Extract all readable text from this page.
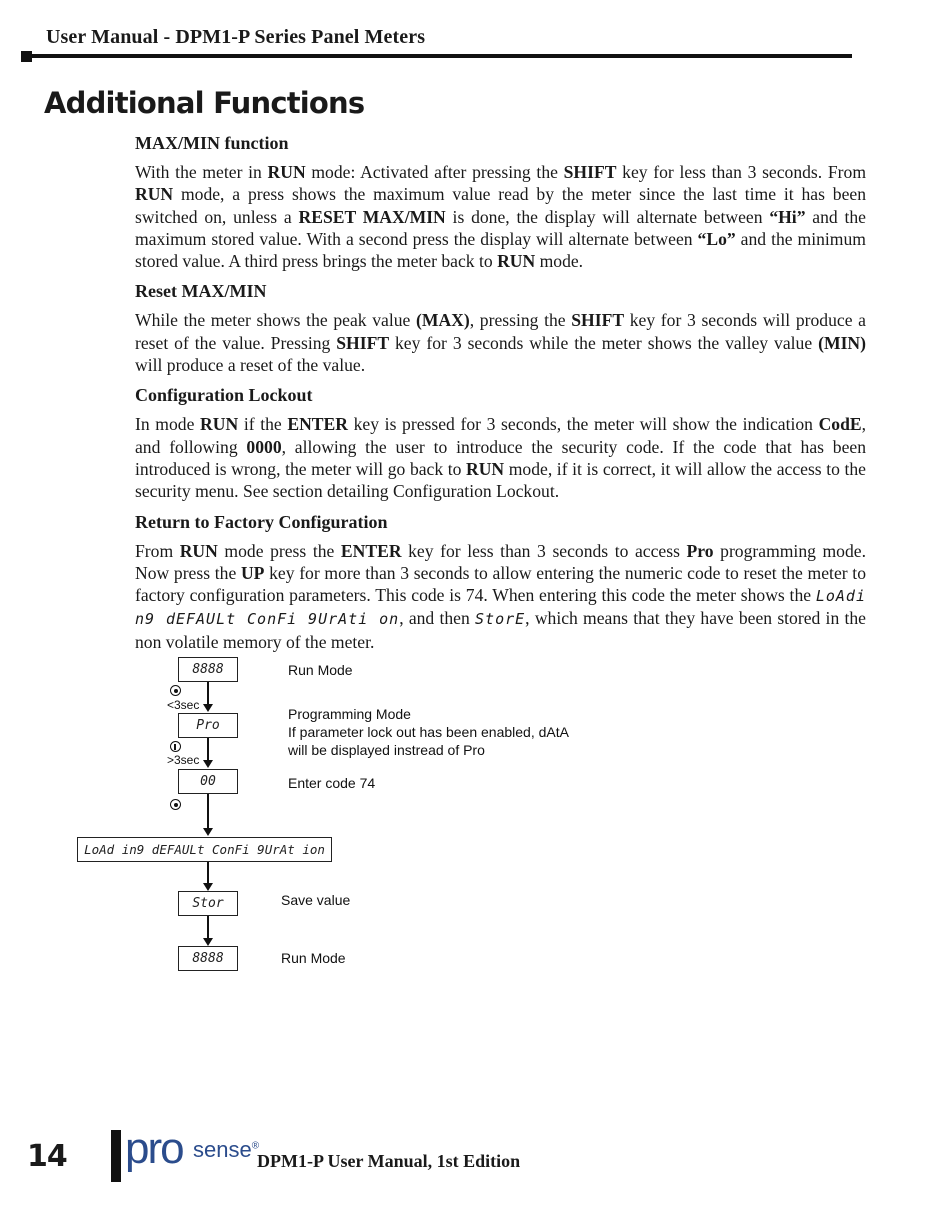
User Manual - DPM1-P Series Panel Meters
Additional Functions
MAX/MIN function

With the meter in RUN mode: Activated after pressing the SHIFT key for less than 3 seconds. From RUN mode, a press shows the maximum value read by the meter since the last time it has been switched on, unless a RESET MAX/MIN is done, the display will alternate between “Hi” and the maximum stored value. With a second press the display will alternate between “Lo” and the minimum stored value. A third press brings the meter back to RUN mode.

Reset MAX/MIN

While the meter shows the peak value (MAX), pressing the SHIFT key for 3 seconds will produce a reset of the value. Pressing SHIFT key for 3 seconds while the meter shows the valley value (MIN) will produce a reset of the value.

Configuration Lockout

In mode RUN if the ENTER key is pressed for 3 seconds, the meter will show the indication CodE, and following 0000, allowing the user to introduce the security code. If the code that has been introduced is wrong, the meter will go back to RUN mode, if it is correct, it will allow the access to the security menu. See section detailing Configuration Lockout.

Return to Factory Configuration

From RUN mode press the ENTER key for less than 3 seconds to access Pro programming mode. Now press the UP key for more than 3 seconds to allow entering the numeric code to reset the meter to factory configuration parameters. This code is 74. When entering this code the meter shows the LoAdi n9 dEFAULt ConFi 9UrAti on, and then StorE, which means that they have been stored in the non volatile memory of the meter.

8888	Run Mode
<3sec
Pro
Programming Mode
If parameter lock out has been enabled, dAtA
will be displayed instread of Pro
>3sec
00	Enter code 74
LoAd in9 dEFAULt ConFi 9UrAt ion
Stor	Save value
8888	Run Mode
14 pro sense®
DPM1-P User Manual, 1st Edition
